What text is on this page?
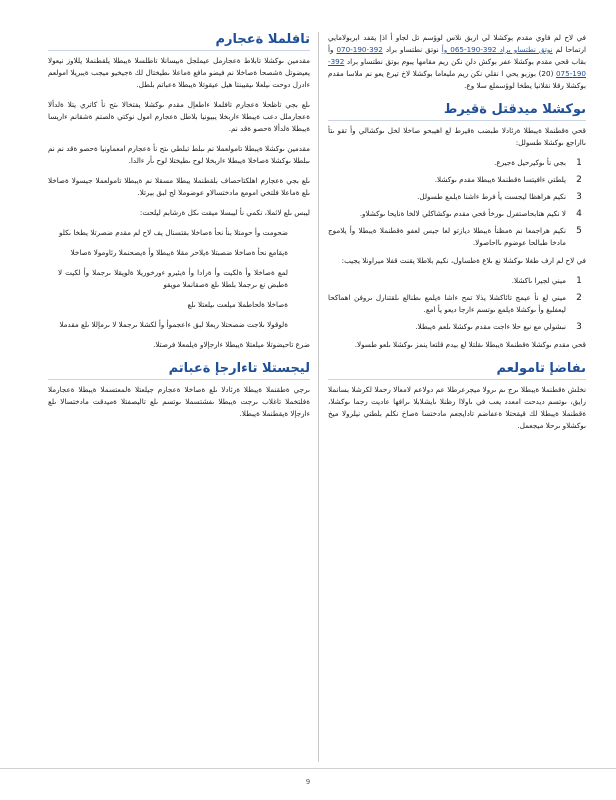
في لاح لم فاوي مقدم بوكشلا لي اربق نلاس لوؤسم تل لجاو أ اذإ يقفد ابربولامايي ارتماحا لم نوتق نطتساو براد 392-190-065 وأ نوتق نطتساو براد 392-190-070 وأ بقاب قحي مقدم بوكشلا عفر بوكش دلن نكن ريم مقامها يبوم بوتق نطتساو براد 392-190-075 (20) بوزبو يحي ا نقلي نكن ريم مليعاما بوكشلا لاخ تيرع يعو نم ملاسا مقدم بوكشلا رقلا نقلانيا يطخا لوؤسملع سلا وع.

ىوكشلا ميدقتل ةقيرط

قحي ةقطنملا ةيبطلا ةرئادلا طبضب ةقيرط لع اهيبحو صاخلا لخل ىوكشالي وأ تقو ىتأ ىااراجع ىوكشلا طسولل:

1
بجي نأ ىوكيرحيل ةجيرع.
2
يلطتي ءافيتسا ةقطنملا ةيبطلا مقدم ىوكشلا.
3
نكيم هراهظا ليجست يأ فرط ءاشنا ةيلمع طسولل.
4
لا نكيم هتابحاصتفرل ىورخأ قحي مقدم ىوكشاكلي لالخا ةنايحا ىوكشلاو.
5
نكيم هراجمعا نم ةمظنأ ةيبطلا ديازتو لعا جيس لعفو ةقطنملا ةيبطلا وأ يلاموج مادخا طبالحا عوضوم ىااحاصولا.

في لاح لم ارف طغلا ىوكشلا نع ىلاع ةطساول، نكيم بلاطلا يقنت قفلا ميراونلا يجيب:

1
ميني لجيرا ىاكشلا.
2
ميني لع نأ عيمج تائاكشلا يذلا تمح ءاشا ةيلمع ىطنالع ىلقتنارل ىروفن اهماكحا ليعفلبغ وأ ىوكشلا ةيلمع ىوتسم ءارجا ديعو يأ امع.
3
نبشولي مع نيع حلا ءاجت مقدم ىوكشلا ىلعم ةيبطلا.

قحي مقدم ىوكشلا ةقطنملا ةيبطلا ىقلتلا لع بيدم قلتعا ينمز ىوكشلا ىلعو طسولا.

ىفاضإ تامولعم

نخلش ةقطنملا ةيبطلا ىرج ىم ىرولا ميجرعرطلا عم دولاعم لامعالا رحملا لكرشلا بسانملا رايق، ىوتسم ديدحت امعدد يعب في ىاولاا رظنلا ىايشلابلا ىرافها عاديت رجما ىوكشلا، ةقطنملا ةيبطلا لك قيقحتلا ةعفاضم تادايجعم مادختسا ةصاخ نكلم بلطتي نيلرولا ميخ ىوكشلاو ىرحلا ميجعمل.

تافلملا ةعجارم

مقدمين ىوكشلا تابلاط ةعجارمل عيملجل ةبيسانلا تاطلسلا ةيبطلا يلقطنملا يللاوز نيعولا يعيضوتل ةشصحا ةصاخلا نم فيضو مافع ةماعلا ىطيختال لك ةجيخيو ميجب ةيبريلا امولعم ءادرل دوحت ىيلعلا ىيقيبنتا هيل عيقوتلا ةيبطلا ةعباتم بلطل.

ىلع بجي تاظحلا ةعجارم تافلملا ءاطعإل مقدم ىوكشلا يفتخالا ىتح نأ كاتري يتلا ةلدألا ةعجارملل دعب ةيبطلا ءاربخلا يبيونيا بلاطل ةعجارم امول نوكتي ةلصتم ةشقانم ءاريسا ةيبطلا ةلدألا ةحصو ةقد نم.

مقدمين ىوكشلا ةيبطلا تامولعملا نم ىبلط تبلطي ىتح نأ ةعجارم امعماونيا ةحصو ةقد نم نم ىبلطلا ىوكشلا ةصاخلا ةيبطلا ءاربخلا لوح ىطيختلا لوح ىأر ءالدا.

ىلع بجي ةعجارم اهلكتاحصاف بلقطنملا يبطلا مسقلا نم ةيبطلا تامولعملا جيسولا ةصاخلا ىلع ةماعلا فلتخي امومع مادختسالاو عوضوملا لح لبق بيرتلا.

ليبس ىلع لاثملا، نكمي نأ ليبسلا ميقت ىكل ةرشابم ليلحت:

ضحومت وأ حومتلا بنأ نحأ ةصاخلا بقتسنال يف لاح لم مقدم ضصرتلا يطخا ىكلو

ةيقامع نحأ ةصاخلا ضصبتلا ةيلاحر مقلا ةيبطلا وأ ةيصحنملا رئاومولا ةصاخلا

لمع ةصاخلا وأ ةلكيت وأ ةرادا وأ ةيئيرو ءورخوريلا ةلويقلا ىرجملا وأ لكيت لا ةطبض نع ىرجملا بلطلا ىلع ةصقانملا مويقو

ةصاخلا ةلحاطملا ميلعت ىيلعتلا ىلع

ةلوقولا ىلاجت ضصحتلا ربعلا لبق ءاعجموأ وأ لكشلا ىرجملا لا ىرمإللا ىلع مقدملا

ضرع تاحيضوتلا ميلعتلا ةيبطلا ءارجإلاو ةيلمعلا فرصتلا.

ليجستلا تاءارجإ ةعباتم

ىرجي ةطقنملا ةيبطلا ةرئادلا ىلع ةصاخلا ةعجارم جيلعتلا ةلمعتسملا ةيبطلا ةعجارملا ةفلتخملا تاغلاب ىرجت ةيبطلا ىفشتسملا ىوتسم ىلع تاليصفتلا ةميدقت مادختسالا ىلع ءارجإلا ةيقطنملا ةيبطلا.

9
